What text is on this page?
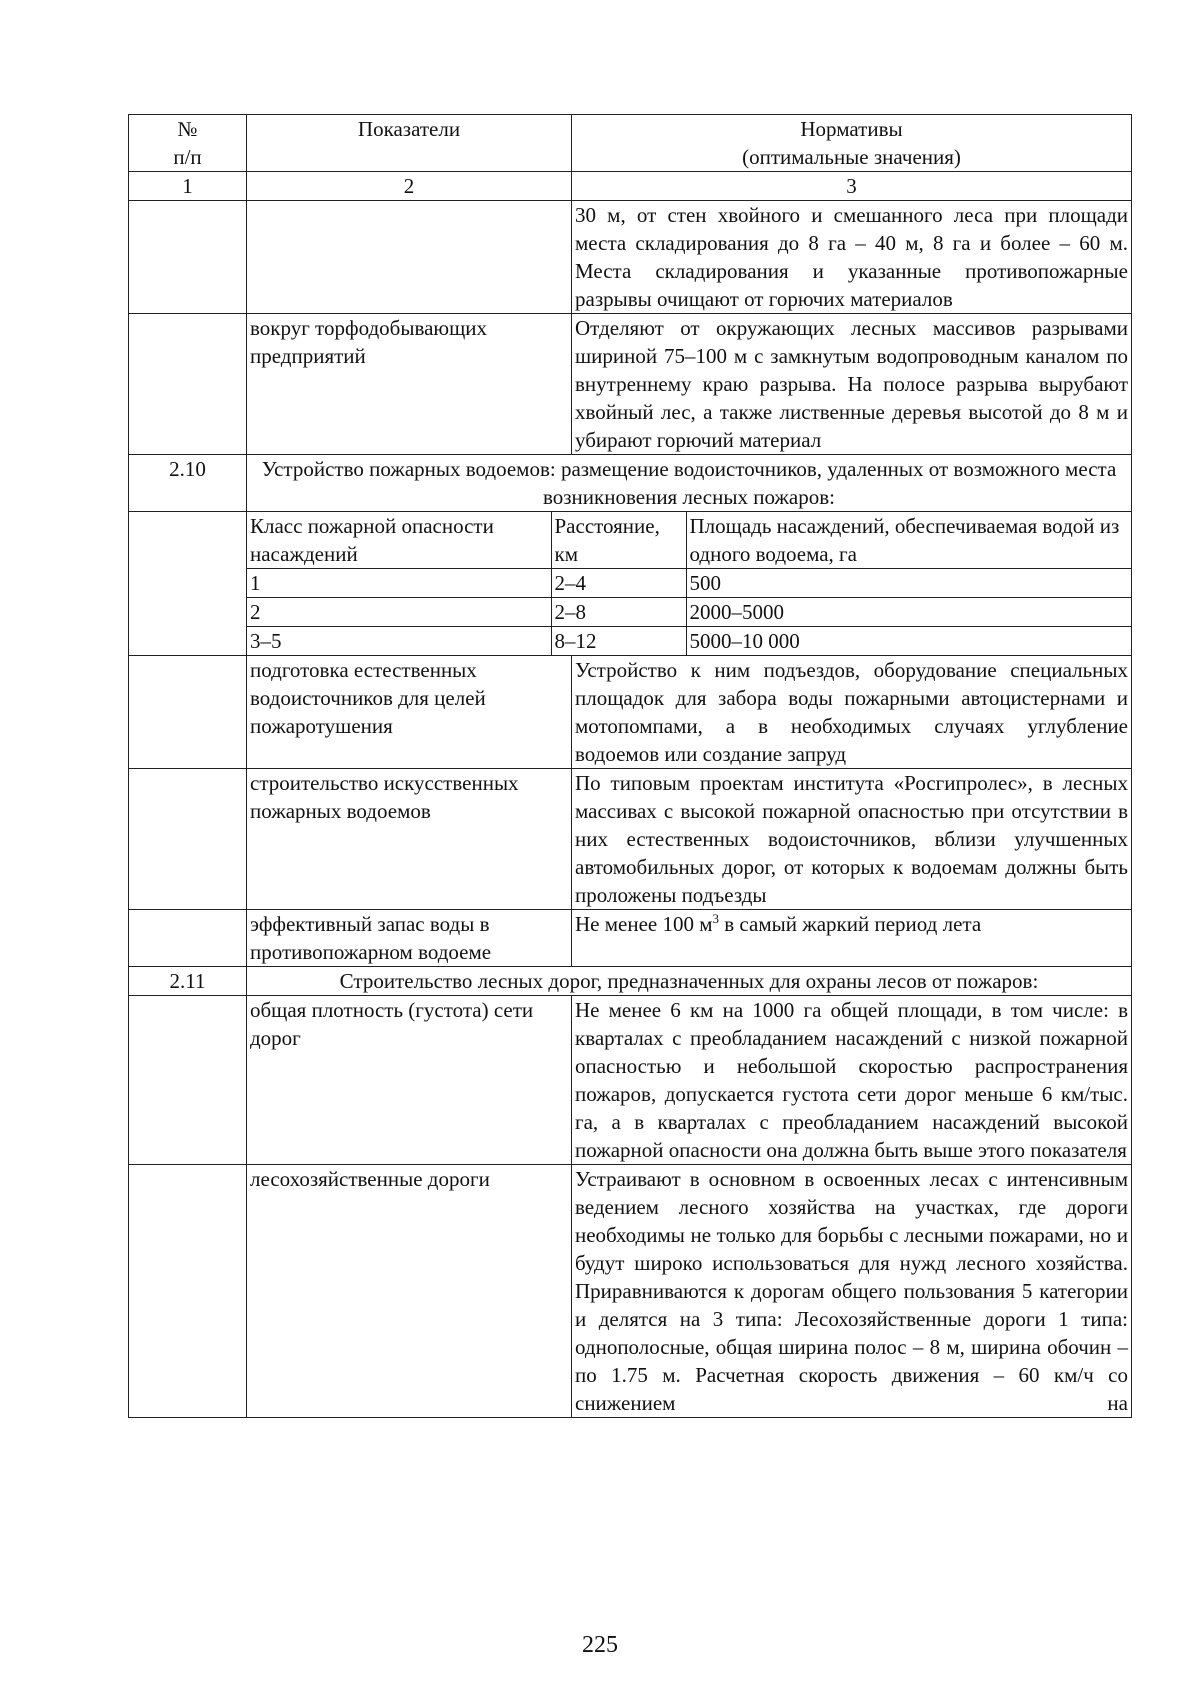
№
п/п
	Показатели	Нормативы
(оптимальные значения)

1	2	3
		30 м, от стен хвойного и смешанного леса при площади места складирования до 8 га – 40 м, 8 га и более – 60 м. Места складирования и указанные противопожарные разрывы очищают от горючих материалов
	вокруг торфодобывающих предприятий	Отделяют от окружающих лесных массивов разрывами шириной 75–100 м с замкнутым водопроводным каналом по внутреннему краю разрыва. На полосе разрыва вырубают хвойный лес, а также лиственные деревья высотой до 8 м и убирают горючий материал
2.10	Устройство пожарных водоемов: размещение водоисточников, удаленных от возможного места возникновения лесных пожаров:

Класс пожарной опасности насаждений	Расстояние, км	Площадь насаждений, обеспечиваемая водой из одного водоема, га
1	2–4	500
2	2–8	2000–5000
3–5	8–12	5000–10 000

	подготовка естественных водоисточников для целей пожаротушения	Устройство к ним подъездов, оборудование специальных площадок для забора воды пожарными автоцистернами и мотопомпами, а в необходимых случаях углубление водоемов или создание запруд
	строительство искусственных пожарных водоемов	По типовым проектам института «Росгипролес», в лесных массивах с высокой пожарной опасностью при отсутствии в них естественных водоисточников, вблизи улучшенных автомобильных дорог, от которых к водоемам должны быть проложены подъезды
	эффективный запас воды в противопожарном водоеме	Не менее 100 $м^3$ в самый жаркий период лета
2.11	Строительство лесных дорог, предназначенных для охраны лесов от пожаров:
	общая плотность (густота) сети дорог	Не менее 6 км на 1000 га общей площади, в том числе: в кварталах с преобладанием насаждений с низкой пожарной опасностью и небольшой скоростью распространения пожаров, допускается густота сети дорог меньше 6 км/тыс. га, а в кварталах с преобладанием насаждений высокой пожарной опасности она должна быть выше этого показателя
	лесохозяйственные дороги	Устраивают в основном в освоенных лесах с интенсивным ведением лесного хозяйства на участках, где дороги необходимы не только для борьбы с лесными пожарами, но и будут широко использоваться для нужд лесного хозяйства. Приравниваются к дорогам общего пользования 5 категории и делятся на 3 типа: Лесохозяйственные дороги 1 типа: однополосные, общая ширина полос – 8 м, ширина обочин – по 1.75 м. Расчетная скорость движения – 60 км/ч со снижением на
225
